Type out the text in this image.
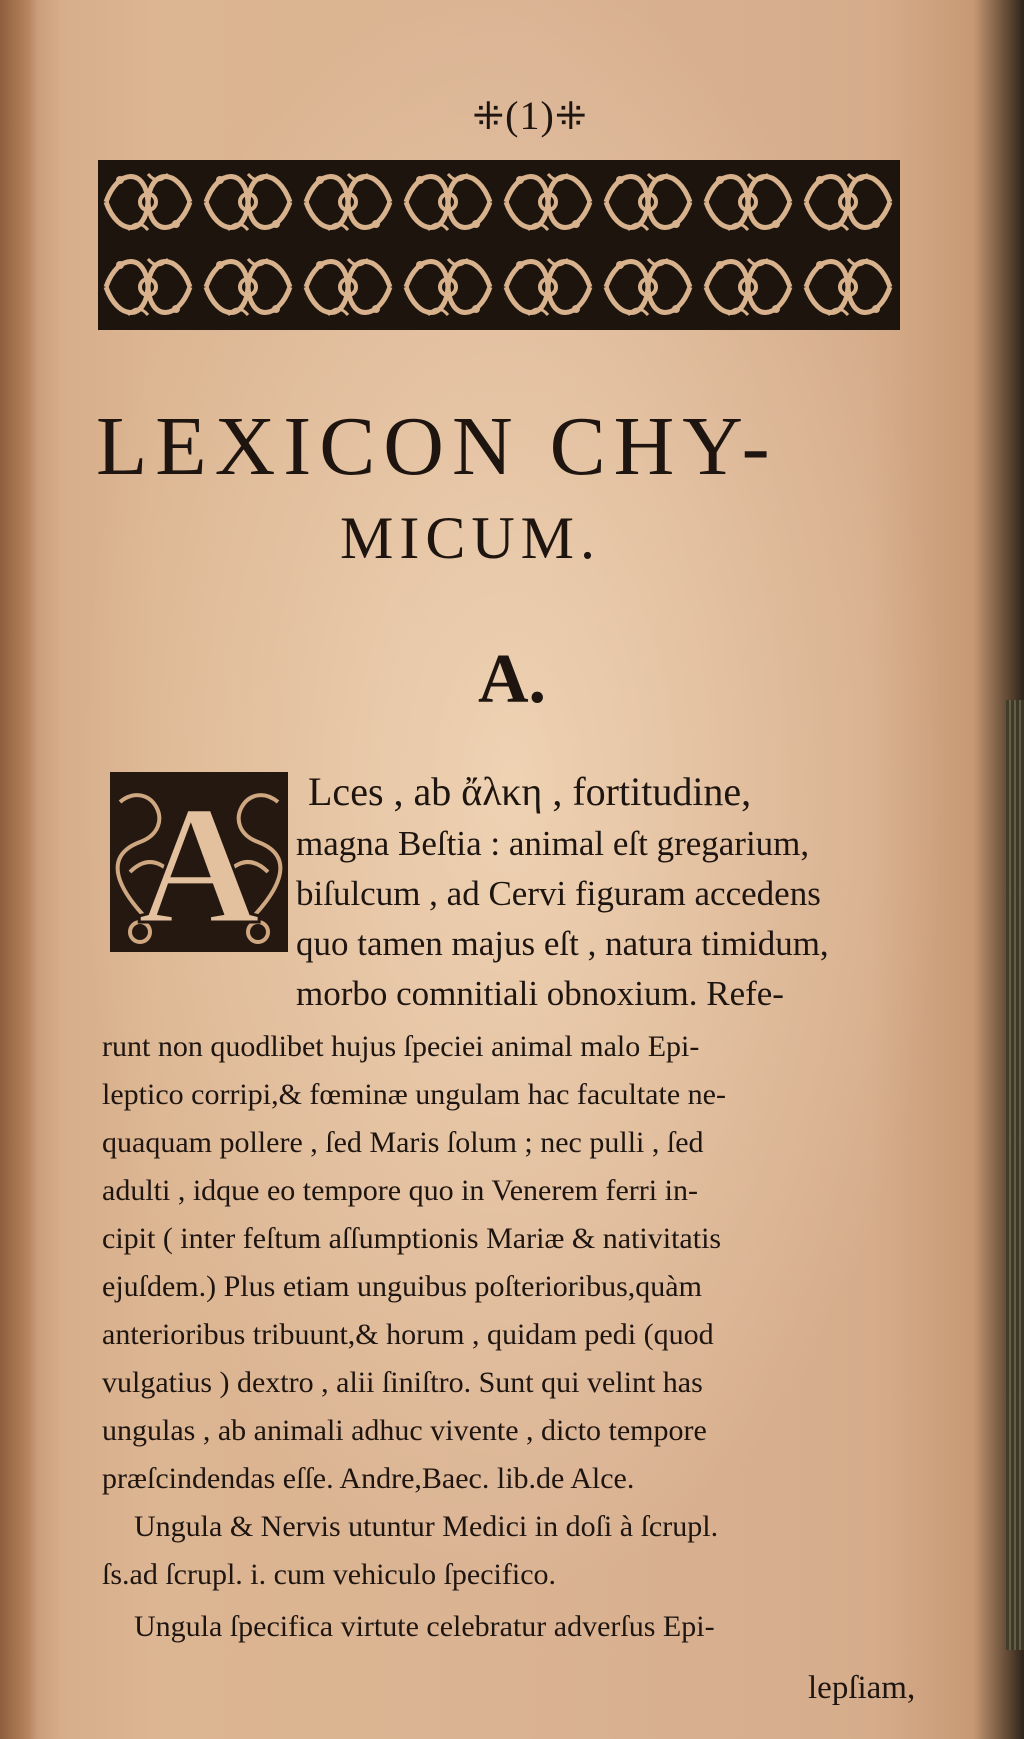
⁜(1)⁜
LEXICON CHY-
MICUM.
A.
A Lces , ab ἄλκη , fortitudine,
magna Beſtia : animal eſt gregarium,
biſulcum , ad Cervi figuram accedens
quo tamen majus eſt , natura timidum,
morbo comnitiali obnoxium. Refe-
runt non quodlibet hujus ſpeciei animal malo Epi-
leptico corripi,& fœminæ ungulam hac facultate ne-
quaquam pollere , ſed Maris ſolum ; nec pulli , ſed
adulti , idque eo tempore quo in Venerem ferri in-
cipit ( inter feſtum aſſumptionis Mariæ & nativitatis
ejuſdem.) Plus etiam unguibus poſterioribus,quàm
anterioribus tribuunt,& horum , quidam pedi (quod
vulgatius ) dextro , alii ſiniſtro. Sunt qui velint has
ungulas , ab animali adhuc vivente , dicto tempore
præſcindendas eſſe. Andre,Baec. lib.de Alce.
Ungula & Nervis utuntur Medici in doſi à ſcrupl.
ſs.ad ſcrupl. i. cum vehiculo ſpecifico.
Ungula ſpecifica virtute celebratur adverſus Epi-
lepſiam,
